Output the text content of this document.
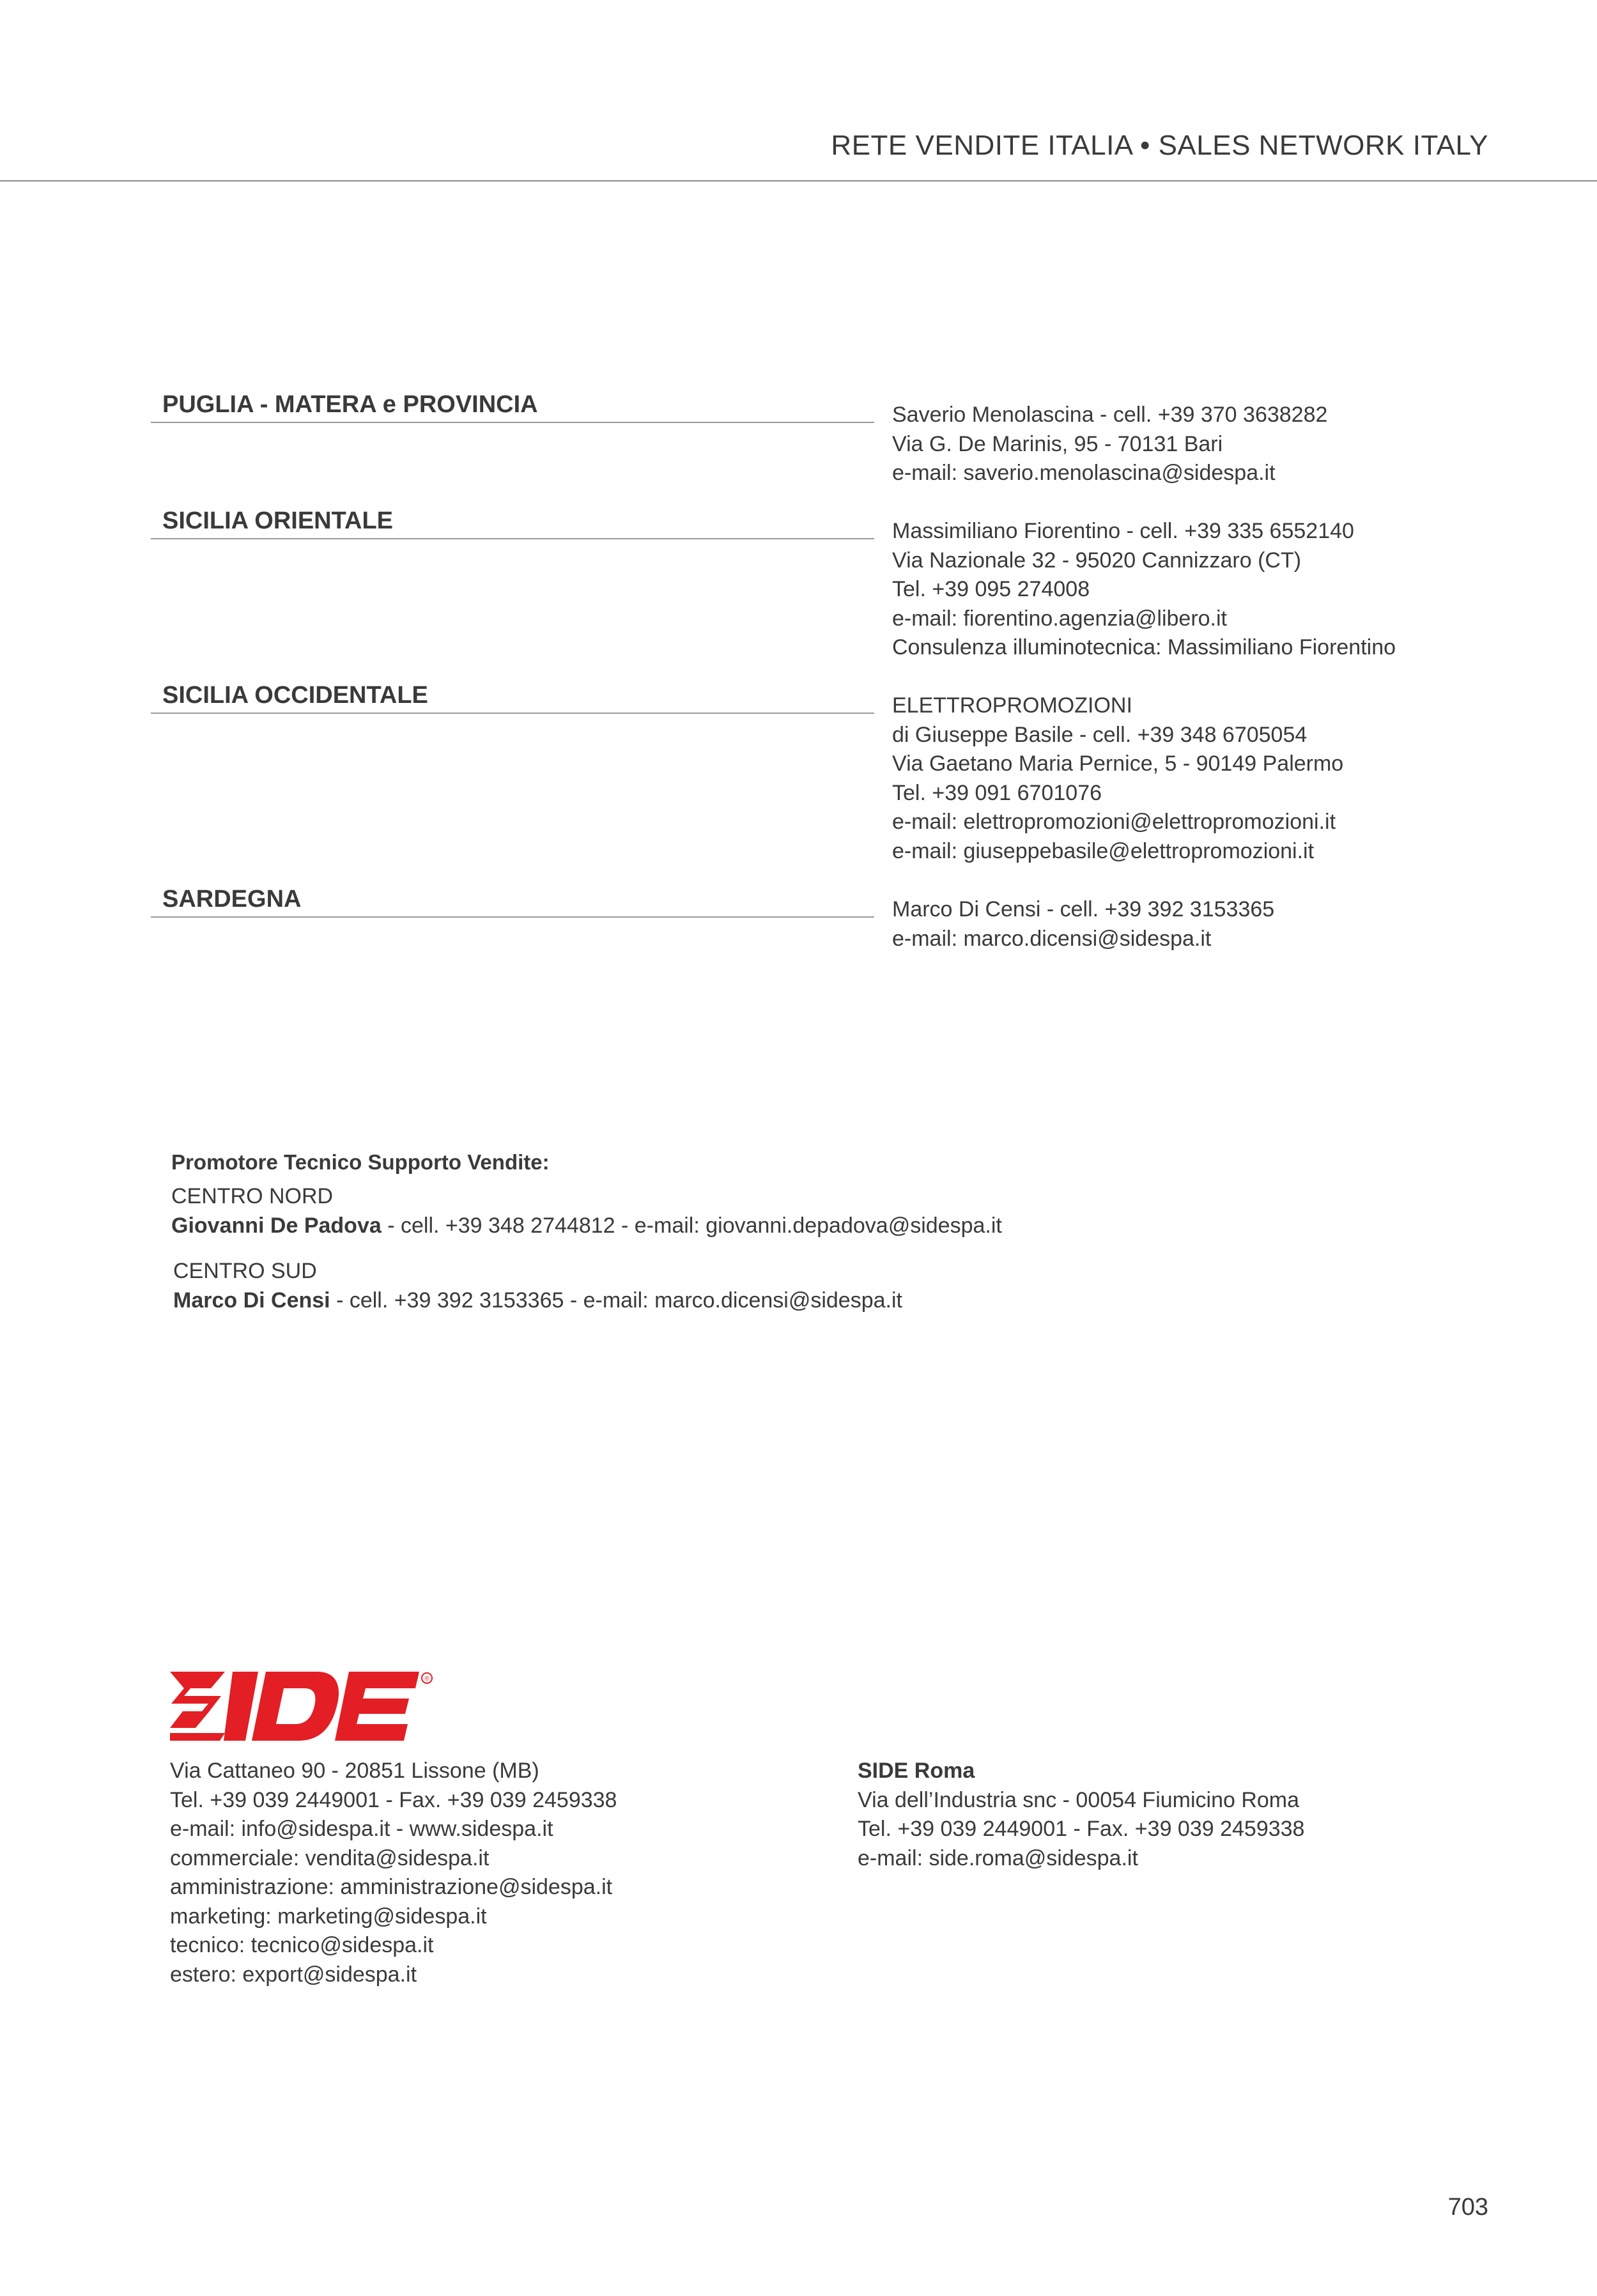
RETE VENDITE ITALIA • SALES NETWORK ITALY
PUGLIA - MATERA e PROVINCIA	Saverio Menolascina - cell. +39 370 3638282
Via G. De Marinis, 95 - 70131 Bari
e-mail: saverio.menolascina@sidespa.it
SICILIA ORIENTALE	Massimiliano Fiorentino - cell. +39 335 6552140
Via Nazionale 32 - 95020 Cannizzaro (CT)
Tel. +39 095 274008
e-mail: fiorentino.agenzia@libero.it
Consulenza illuminotecnica: Massimiliano Fiorentino
SICILIA OCCIDENTALE	ELETTROPROMOZIONI
di Giuseppe Basile - cell. +39 348 6705054
Via Gaetano Maria Pernice, 5 - 90149 Palermo
Tel. +39 091 6701076
e-mail: elettropromozioni@elettropromozioni.it
e-mail: giuseppebasile@elettropromozioni.it
SARDEGNA	Marco Di Censi - cell. +39 392 3153365
e-mail: marco.dicensi@sidespa.it
Promotore Tecnico Supporto Vendite:
CENTRO NORD
Giovanni De Padova - cell. +39 348 2744812 - e-mail: giovanni.depadova@sidespa.it
CENTRO SUD
Marco Di Censi - cell. +39 392 3153365 - e-mail: marco.dicensi@sidespa.it
®
Via Cattaneo 90 - 20851 Lissone (MB)
Tel. +39 039 2449001 - Fax. +39 039 2459338
e-mail: info@sidespa.it - www.sidespa.it
commerciale: vendita@sidespa.it
amministrazione: amministrazione@sidespa.it
marketing: marketing@sidespa.it
tecnico: tecnico@sidespa.it
estero: export@sidespa.it
SIDE Roma
Via dell’Industria snc - 00054 Fiumicino Roma
Tel. +39 039 2449001 - Fax. +39 039 2459338
e-mail: side.roma@sidespa.it
703
